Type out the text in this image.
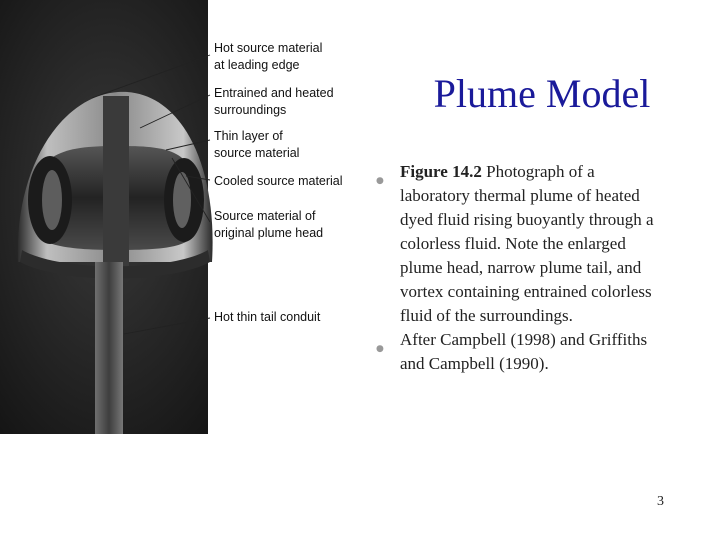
Hot source material
at leading edge
Entrained and heated
surroundings
Thin layer of
source material
Cooled source material
Source material of
original plume head
Hot thin tail conduit
Plume Model
● Figure 14.2 Photograph of a laboratory thermal plume of heated dyed fluid rising buoyantly through a colorless fluid. Note the enlarged plume head, narrow plume tail, and vortex containing entrained colorless fluid of the surroundings.
● After Campbell (1998) and Griffiths and Campbell (1990).
3
